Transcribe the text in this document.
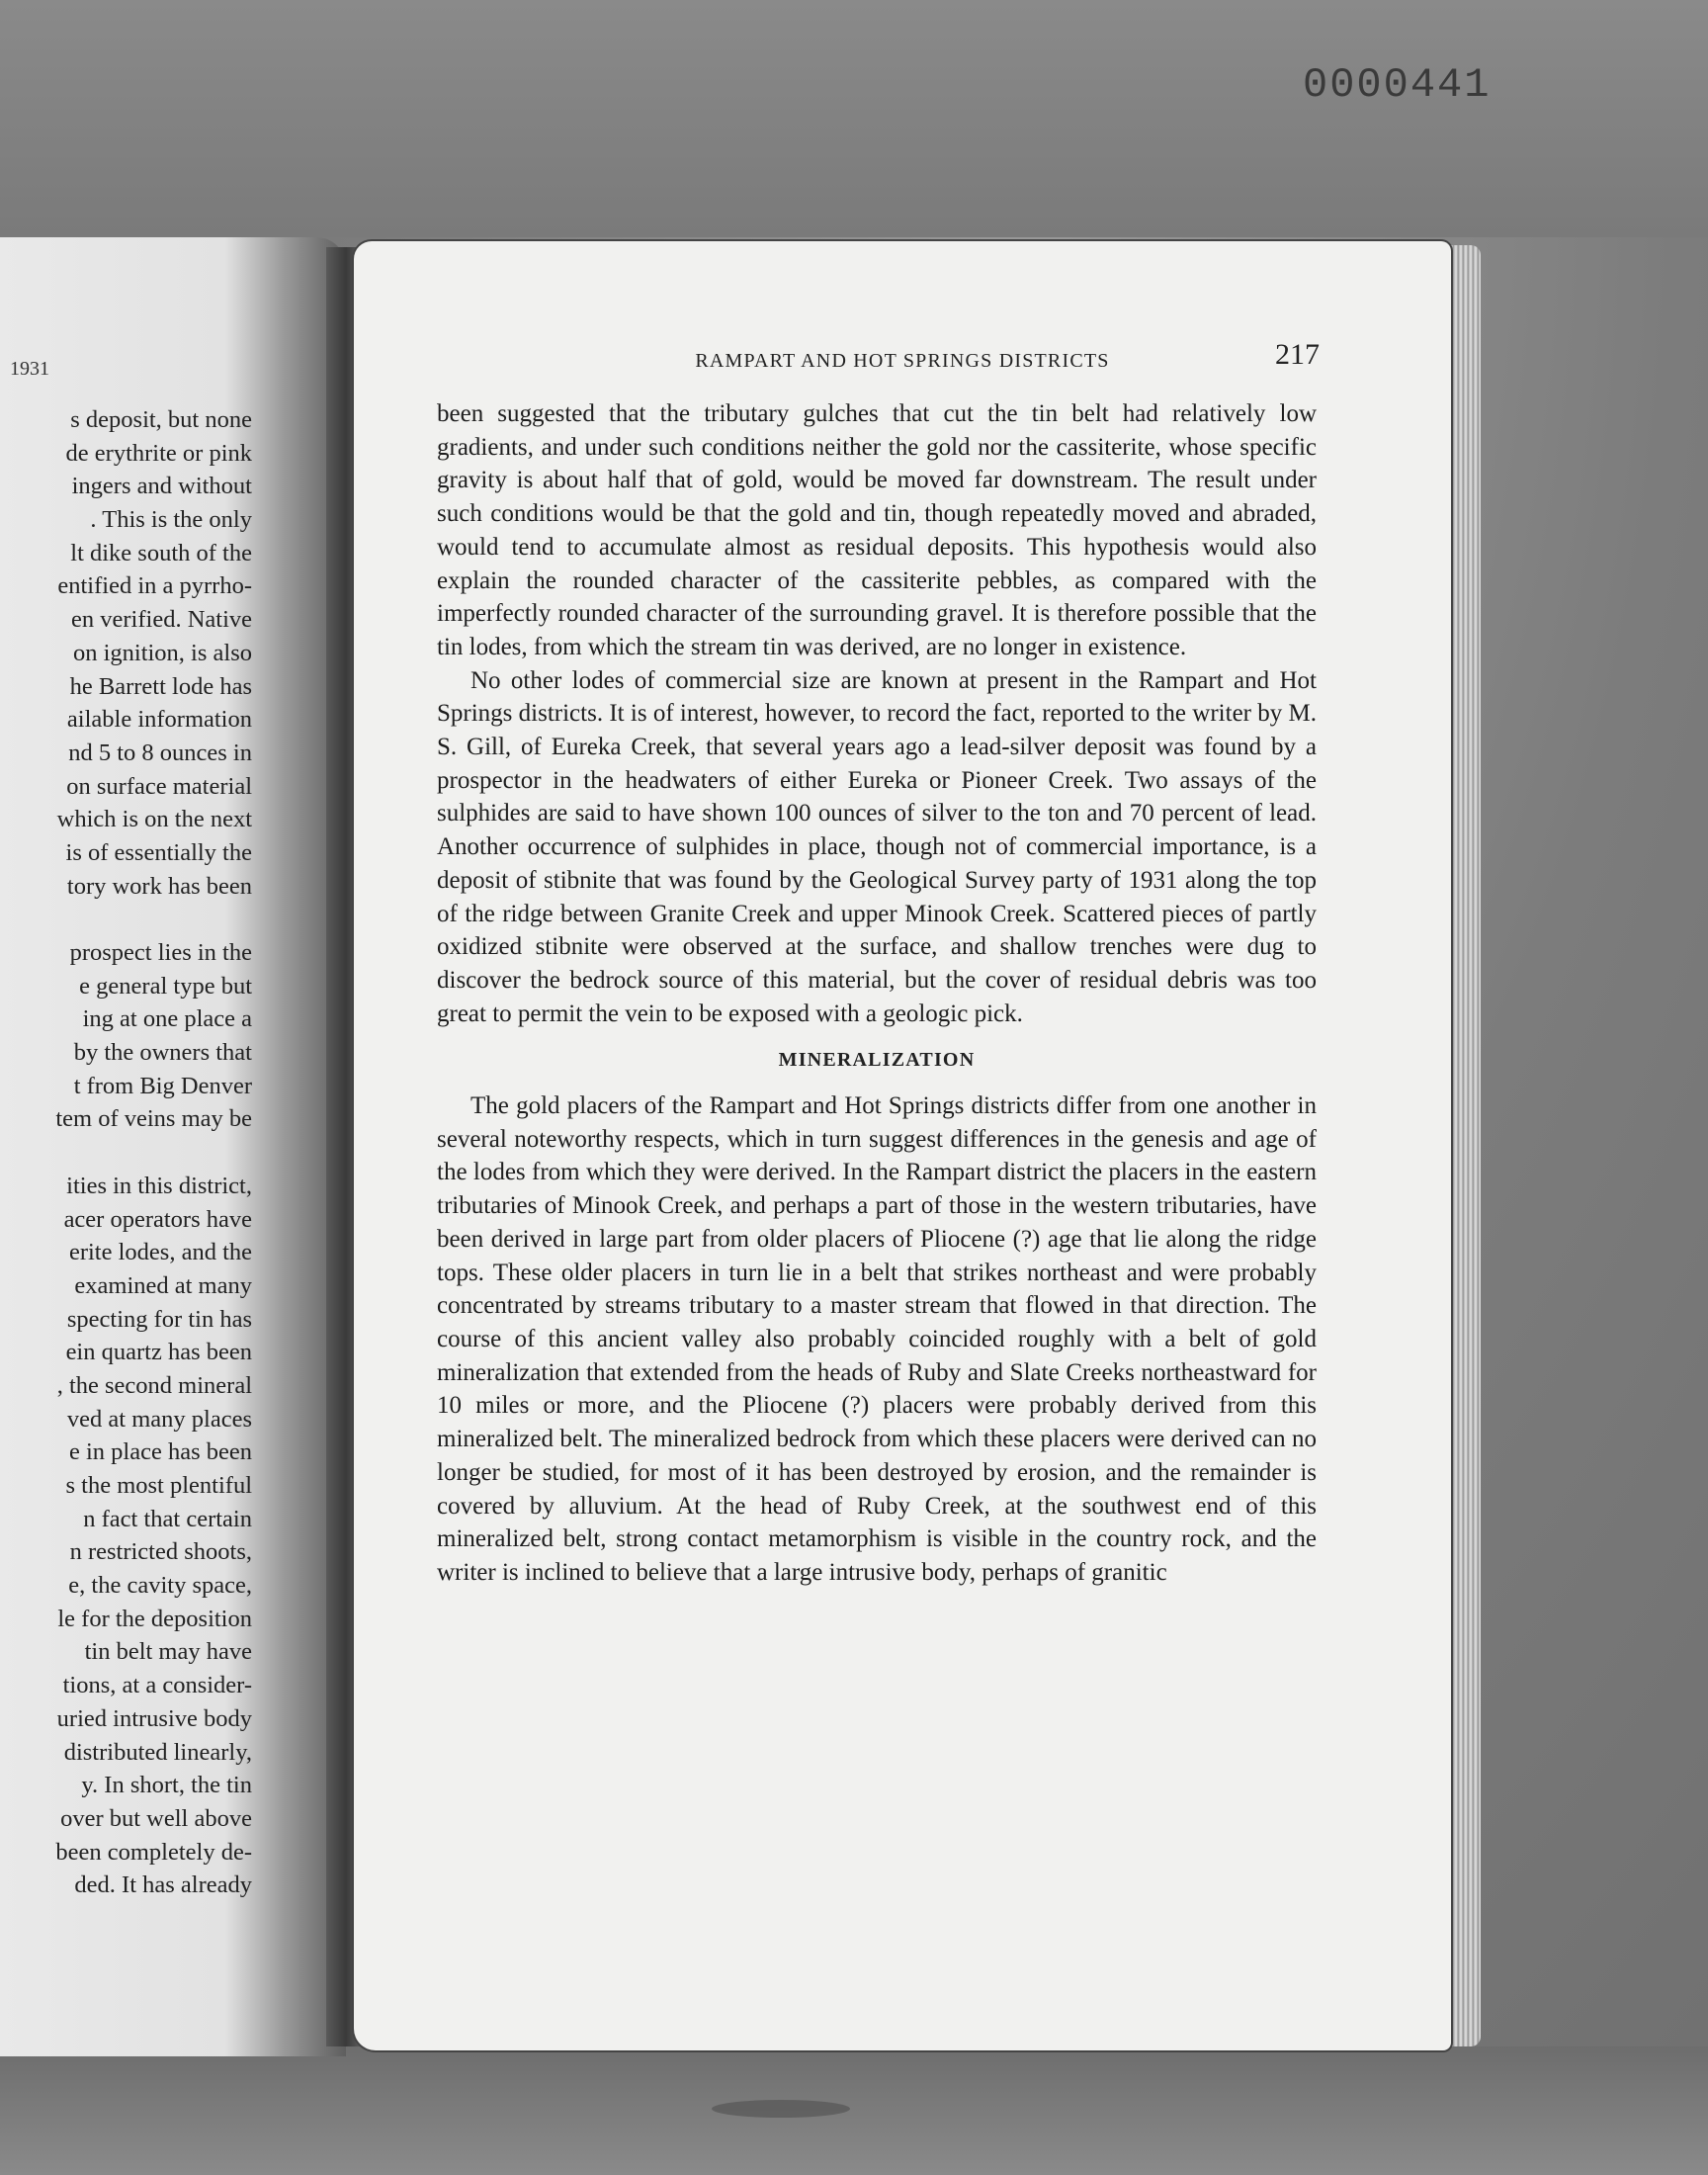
0000441
1931
s deposit, but none
de erythrite or pink
ingers and without
. This is the only
lt dike south of the
entified in a pyrrho-
en verified. Native
on ignition, is also
he Barrett lode has
ailable information
nd 5 to 8 ounces in
on surface material
which is on the next
is of essentially the
tory work has been
prospect lies in the
e general type but
ing at one place a
by the owners that
t from Big Denver
tem of veins may be
ities in this district,
acer operators have
erite lodes, and the
examined at many
specting for tin has
ein quartz has been
, the second mineral
ved at many places
e in place has been
s the most plentiful
n fact that certain
n restricted shoots,
e, the cavity space,
le for the deposition
tin belt may have
tions, at a consider-
uried intrusive body
distributed linearly,
y. In short, the tin
over but well above
been completely de-
ded. It has already
RAMPART AND HOT SPRINGS DISTRICTS	217

been suggested that the tributary gulches that cut the tin belt had relatively low gradients, and under such conditions neither the gold nor the cassiterite, whose specific gravity is about half that of gold, would be moved far downstream. The result under such conditions would be that the gold and tin, though repeatedly moved and abraded, would tend to accumulate almost as residual deposits. This hypothesis would also explain the rounded character of the cassiterite pebbles, as compared with the imperfectly rounded character of the surrounding gravel. It is therefore possible that the tin lodes, from which the stream tin was derived, are no longer in existence.

No other lodes of commercial size are known at present in the Rampart and Hot Springs districts. It is of interest, however, to record the fact, reported to the writer by M. S. Gill, of Eureka Creek, that several years ago a lead-silver deposit was found by a prospector in the headwaters of either Eureka or Pioneer Creek. Two assays of the sulphides are said to have shown 100 ounces of silver to the ton and 70 percent of lead. Another occurrence of sulphides in place, though not of commercial importance, is a deposit of stibnite that was found by the Geological Survey party of 1931 along the top of the ridge between Granite Creek and upper Minook Creek. Scattered pieces of partly oxidized stibnite were observed at the surface, and shallow trenches were dug to discover the bedrock source of this material, but the cover of residual debris was too great to permit the vein to be exposed with a geologic pick.

MINERALIZATION

The gold placers of the Rampart and Hot Springs districts differ from one another in several noteworthy respects, which in turn suggest differences in the genesis and age of the lodes from which they were derived. In the Rampart district the placers in the eastern tributaries of Minook Creek, and perhaps a part of those in the western tributaries, have been derived in large part from older placers of Pliocene (?) age that lie along the ridge tops. These older placers in turn lie in a belt that strikes northeast and were probably concentrated by streams tributary to a master stream that flowed in that direction. The course of this ancient valley also probably coincided roughly with a belt of gold mineralization that extended from the heads of Ruby and Slate Creeks northeastward for 10 miles or more, and the Pliocene (?) placers were probably derived from this mineralized belt. The mineralized bedrock from which these placers were derived can no longer be studied, for most of it has been destroyed by erosion, and the remainder is covered by alluvium. At the head of Ruby Creek, at the southwest end of this mineralized belt, strong contact metamorphism is visible in the country rock, and the writer is inclined to believe that a large intrusive body, perhaps of granitic
